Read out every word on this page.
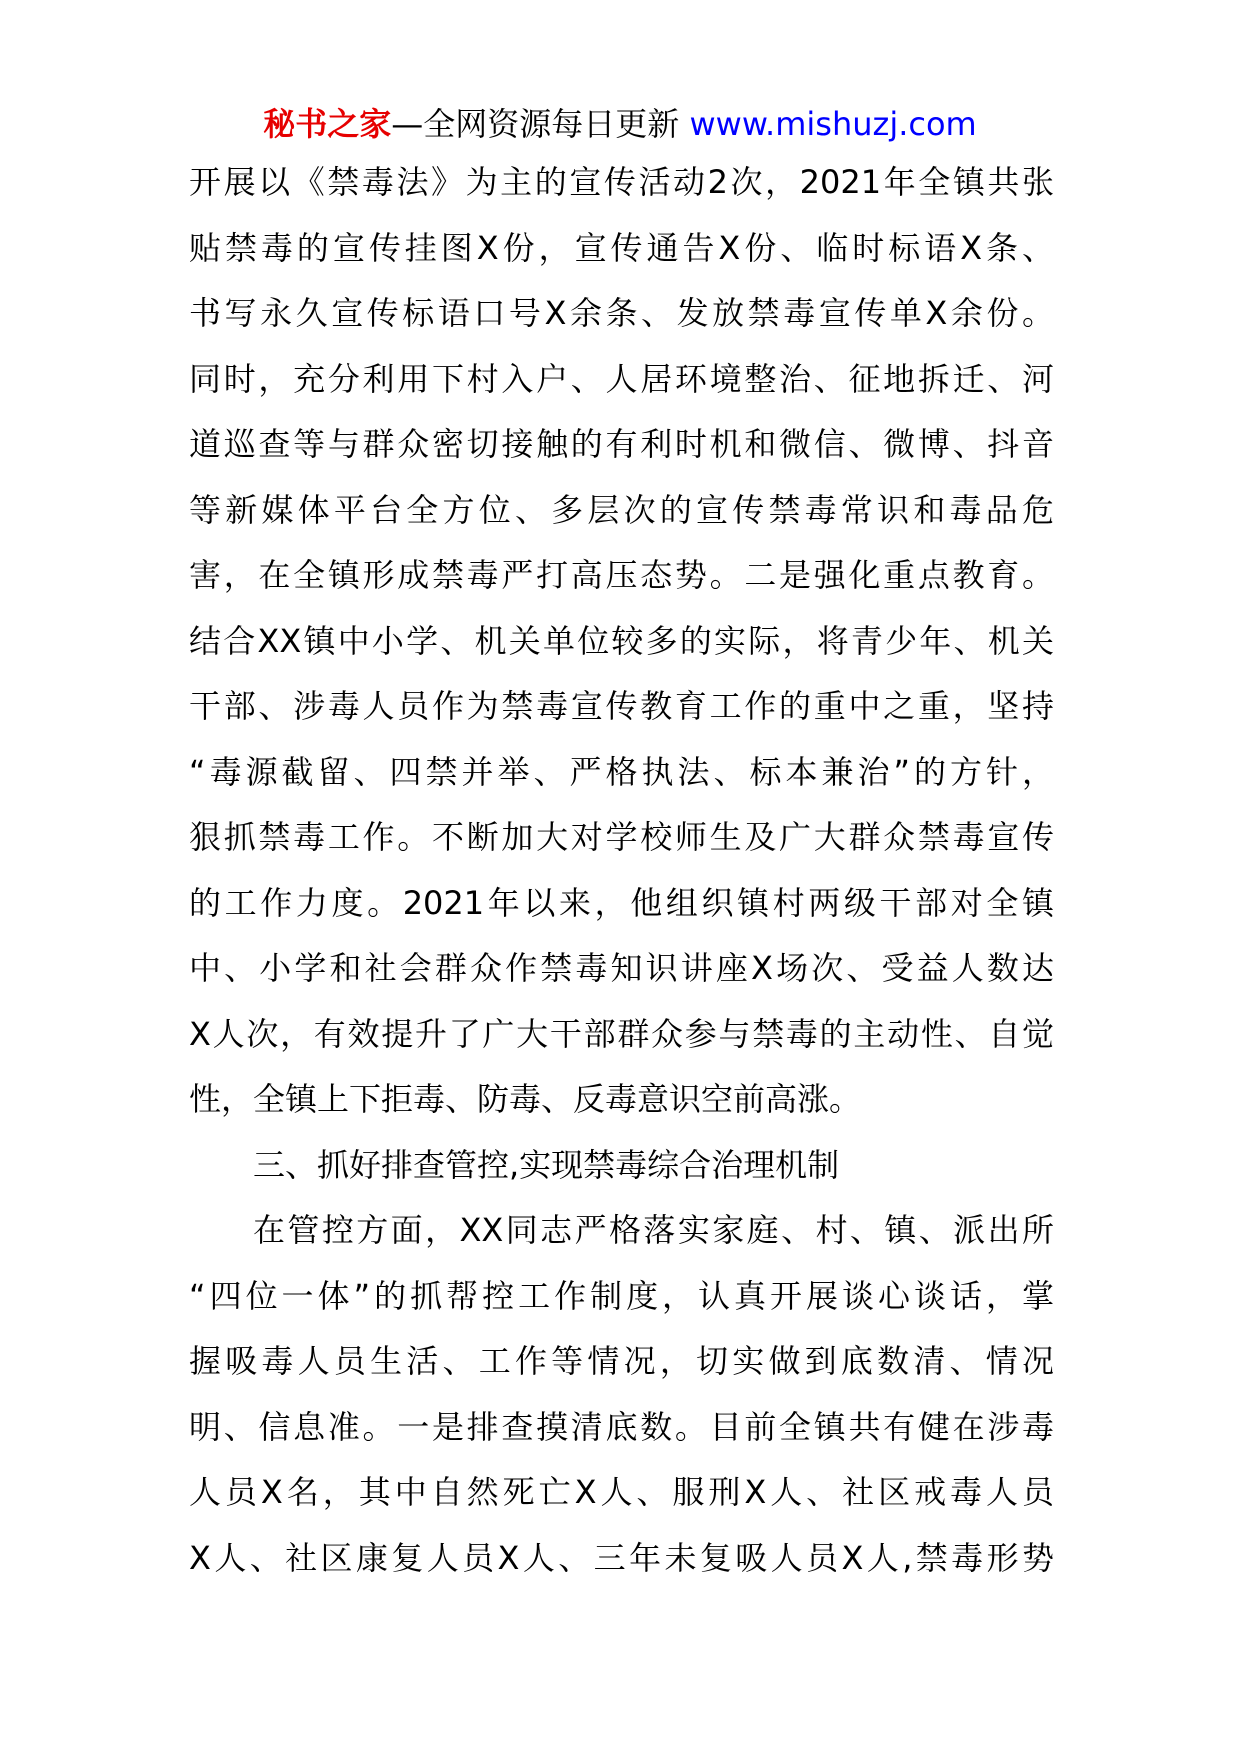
秘书之家—全网资源每日更新 www.mishuzj.com
开展以《禁毒法》为主的宣传活动2次，2021年全镇共张
贴禁毒的宣传挂图X份，宣传通告X份、临时标语X条、
书写永久宣传标语口号X余条、发放禁毒宣传单X余份。
同时，充分利用下村入户、人居环境整治、征地拆迁、河
道巡查等与群众密切接触的有利时机和微信、微博、抖音
等新媒体平台全方位、多层次的宣传禁毒常识和毒品危
害，在全镇形成禁毒严打高压态势。二是强化重点教育。
结合XX镇中小学、机关单位较多的实际，将青少年、机关
干部、涉毒人员作为禁毒宣传教育工作的重中之重，坚持
“毒源截留、四禁并举、严格执法、标本兼治”的方针，
狠抓禁毒工作。不断加大对学校师生及广大群众禁毒宣传
的工作力度。2021年以来，他组织镇村两级干部对全镇
中、小学和社会群众作禁毒知识讲座X场次、受益人数达
X人次，有效提升了广大干部群众参与禁毒的主动性、自觉
性，全镇上下拒毒、防毒、反毒意识空前高涨。
三、抓好排查管控,实现禁毒综合治理机制
在管控方面，XX同志严格落实家庭、村、镇、派出所
“四位一体”的抓帮控工作制度，认真开展谈心谈话，掌
握吸毒人员生活、工作等情况，切实做到底数清、情况
明、信息准。一是排查摸清底数。目前全镇共有健在涉毒
人员X名，其中自然死亡X人、服刑X人、社区戒毒人员
X人、社区康复人员X人、三年未复吸人员X人,禁毒形势
